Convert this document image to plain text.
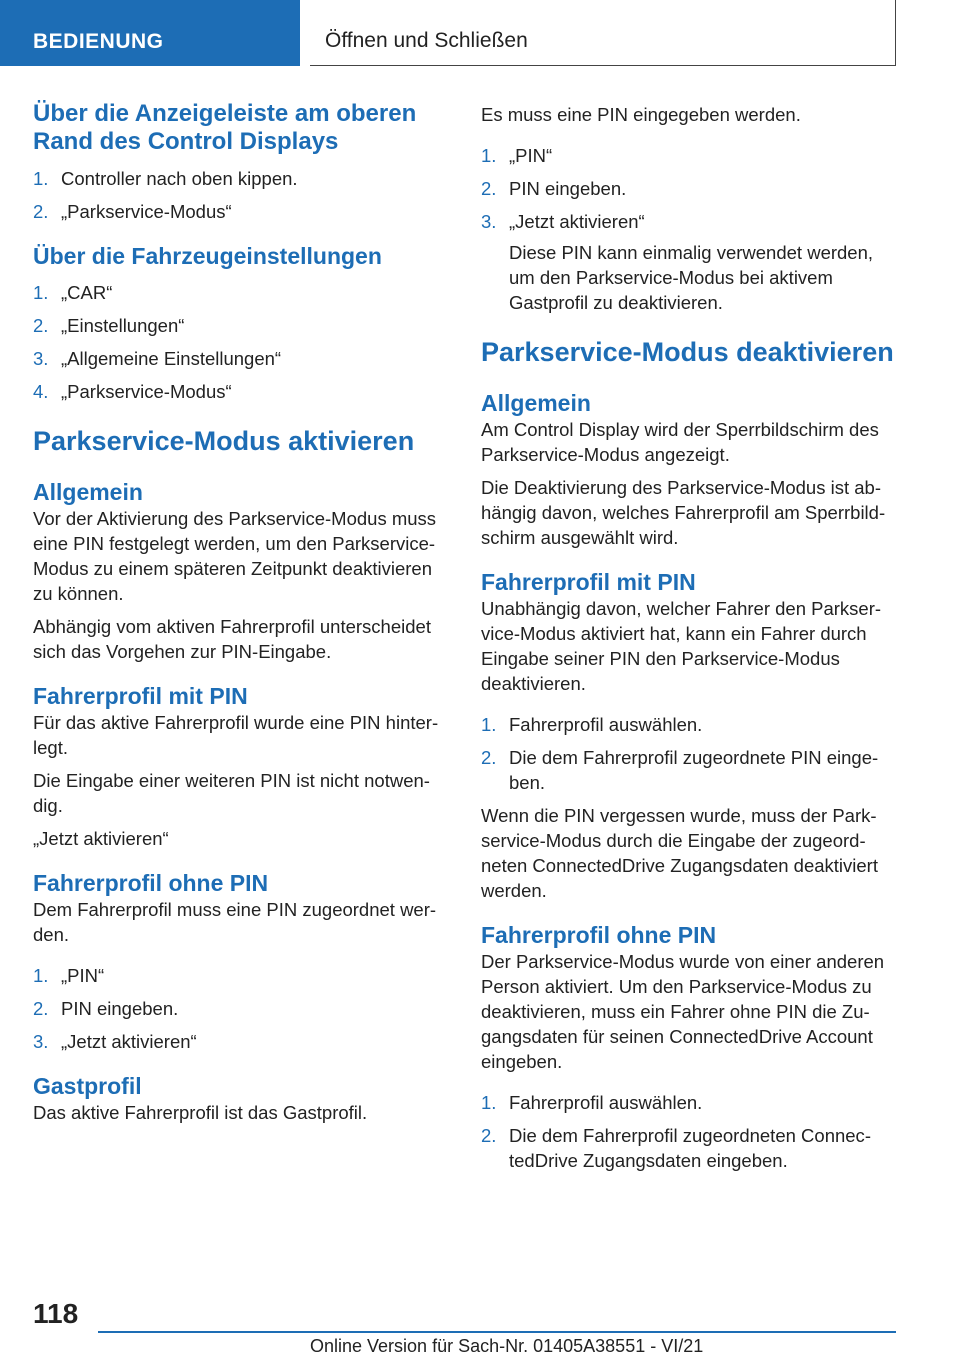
BEDIENUNG	Öffnen und Schließen
Über die Anzeigeleiste am oberen Rand des Control Displays
1. Controller nach oben kippen.
2. „Parkservice-Modus“
Über die Fahrzeugeinstellungen
1. „CAR“
2. „Einstellungen“
3. „Allgemeine Einstellungen“
4. „Parkservice-Modus“
Parkservice-Modus aktivieren
Allgemein
Vor der Aktivierung des Parkservice-Modus muss eine PIN festgelegt werden, um den Parkservice-Modus zu einem späteren Zeitpunkt deaktivieren zu können.
Abhängig vom aktiven Fahrerprofil unterscheidet sich das Vorgehen zur PIN-Eingabe.
Fahrerprofil mit PIN
Für das aktive Fahrerprofil wurde eine PIN hinterlegt.
Die Eingabe einer weiteren PIN ist nicht notwendig.
„Jetzt aktivieren“
Fahrerprofil ohne PIN
Dem Fahrerprofil muss eine PIN zugeordnet werden.
1. „PIN“
2. PIN eingeben.
3. „Jetzt aktivieren“
Gastprofil
Das aktive Fahrerprofil ist das Gastprofil.
Es muss eine PIN eingegeben werden.
1. „PIN“
2. PIN eingeben.
3. „Jetzt aktivieren“
Diese PIN kann einmalig verwendet werden, um den Parkservice-Modus bei aktivem Gastprofil zu deaktivieren.
Parkservice-Modus deaktivieren
Allgemein
Am Control Display wird der Sperrbildschirm des Parkservice-Modus angezeigt.
Die Deaktivierung des Parkservice-Modus ist abhängig davon, welches Fahrerprofil am Sperrbildschirm ausgewählt wird.
Fahrerprofil mit PIN
Unabhängig davon, welcher Fahrer den Parkservice-Modus aktiviert hat, kann ein Fahrer durch Eingabe seiner PIN den Parkservice-Modus deaktivieren.
1. Fahrerprofil auswählen.
2. Die dem Fahrerprofil zugeordnete PIN eingeben.
Wenn die PIN vergessen wurde, muss der Parkservice-Modus durch die Eingabe der zugeordneten ConnectedDrive Zugangsdaten deaktiviert werden.
Fahrerprofil ohne PIN
Der Parkservice-Modus wurde von einer anderen Person aktiviert. Um den Parkservice-Modus zu deaktivieren, muss ein Fahrer ohne PIN die Zugangsdaten für seinen ConnectedDrive Account eingeben.
1. Fahrerprofil auswählen.
2. Die dem Fahrerprofil zugeordneten ConnectedDrive Zugangsdaten eingeben.
118
Online Version für Sach-Nr. 01405A38551 - VI/21
